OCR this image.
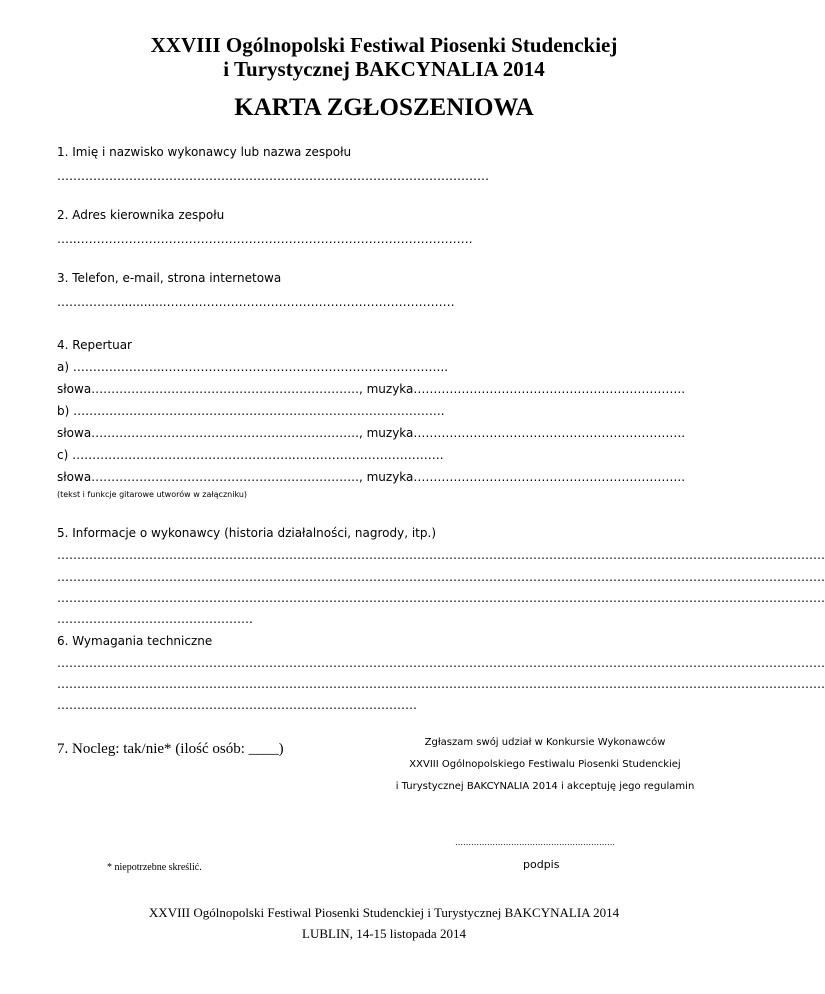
XXVIII Ogólnopolski Festiwal Piosenki Studenckiej
i Turystycznej BAKCYNALIA 2014
KARTA ZGŁOSZENIOWA
1. Imię i nazwisko wykonawcy lub nazwa zespołu
………………………………………………………………………………………………
2. Adres kierownika zespołu
…..………………………………………………………………………………………
3. Telefon, e-mail, strona internetowa
…………….............………………………………………………………………
4. Repertuar
a) …………………..……………………………………………………………..
słowa…………………………………………………………., muzyka…………………………………………………………..
b) ………………………………………………….……………………………..
słowa…………………………………………………………., muzyka…………………………………………………………..
c) ………………………………………………..……………………………….
słowa…………………………………………………………., muzyka…………………………………………………………..
(tekst i funkcje gitarowe utworów w załączniku)
5. Informacje o wykonawcy (historia działalności, nagrody, itp.)
…………………………………………………………………………………………………………………………………………………………………………
…………………………………………………………………………………………………………………………………………………………………………
…………………………………………………………………………………………………………………………………………………………………………
………………………………………….
6. Wymagania techniczne
…………………………………………………………………………………………………………………………………………………………………………
…………………………………………………………………………………………………………………………………………………………………………
………………………………………………………………………………
7. Nocleg: tak/nie* (ilość osób: ____)	Zgłaszam swój udział w Konkursie Wykonawców
XXVIII Ogólnopolskiego Festiwalu Piosenki Studenckiej
i Turystycznej BAKCYNALIA 2014 i akceptuję jego regulamin
……………………………………………………
podpis
* niepotrzebne skreślić.
XXVIII Ogólnopolski Festiwal Piosenki Studenckiej i Turystycznej BAKCYNALIA 2014
LUBLIN, 14-15 listopada 2014
